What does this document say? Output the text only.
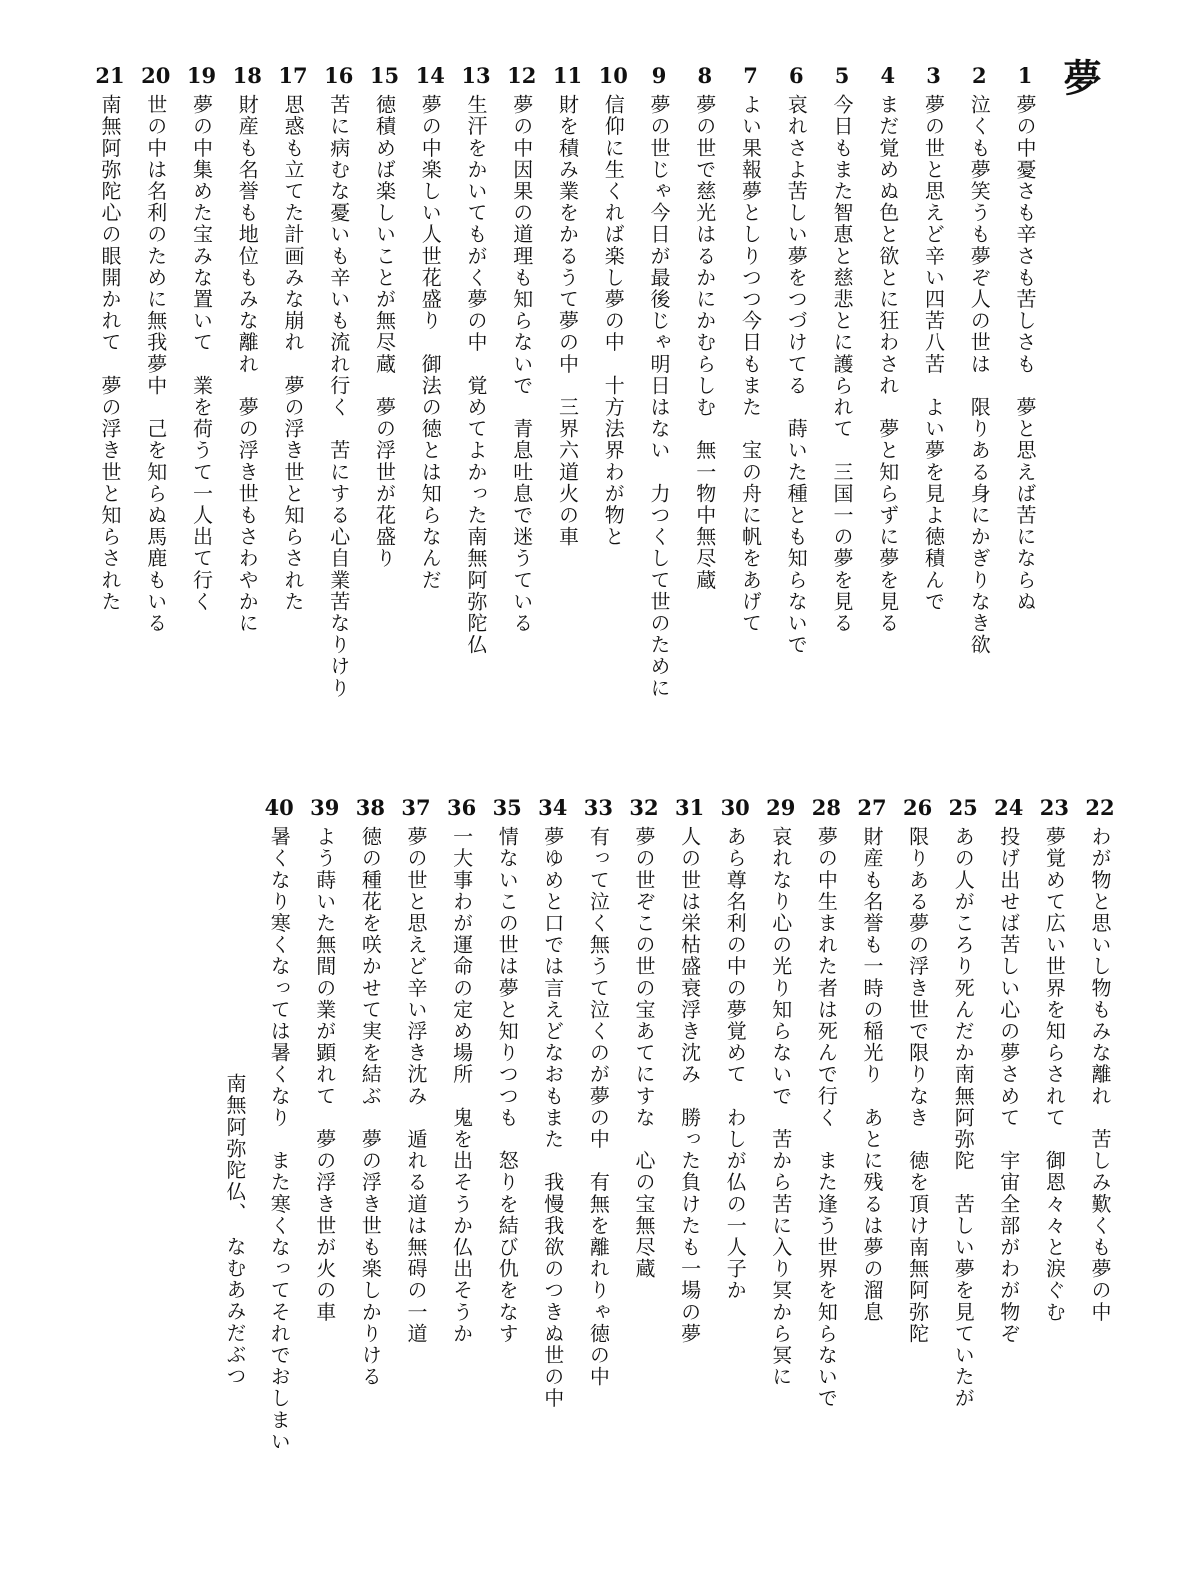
夢
1
夢の中憂さも辛さも苦しさも　夢と思えば苦にならぬ
2
泣くも夢笑うも夢ぞ人の世は　限りある身にかぎりなき欲
3
夢の世と思えど辛い四苦八苦　よい夢を見よ徳積んで
4
まだ覚めぬ色と欲とに狂わされ　夢と知らずに夢を見る
5
今日もまた智恵と慈悲とに護られて　三国一の夢を見る
6
哀れさよ苦しい夢をつづけてる　蒔いた種とも知らないで
7
よい果報夢としりつつ今日もまた　宝の舟に帆をあげて
8
夢の世で慈光はるかにかむらしむ　無一物中無尽蔵
9
夢の世じゃ今日が最後じゃ明日はない　力つくして世のために
10
信仰に生くれば楽し夢の中　十方法界わが物と
11
財を積み業をかるうて夢の中　三界六道火の車
12
夢の中因果の道理も知らないで　青息吐息で迷うている
13
生汗をかいてもがく夢の中　覚めてよかった南無阿弥陀仏
14
夢の中楽しい人世花盛り　御法の徳とは知らなんだ
15
徳積めば楽しいことが無尽蔵　夢の浮世が花盛り
16
苦に病むな憂いも辛いも流れ行く　苦にする心自業苦なりけり
17
思惑も立てた計画みな崩れ　夢の浮き世と知らされた
18
財産も名誉も地位もみな離れ　夢の浮き世もさわやかに
19
夢の中集めた宝みな置いて　業を荷うて一人出て行く
20
世の中は名利のために無我夢中　己を知らぬ馬鹿もいる
21
南無阿弥陀心の眼開かれて　夢の浮き世と知らされた
22
わが物と思いし物もみな離れ　苦しみ歎くも夢の中
23
夢覚めて広い世界を知らされて　御恩々々と涙ぐむ
24
投げ出せば苦しい心の夢さめて　宇宙全部がわが物ぞ
25
あの人がころり死んだか南無阿弥陀　苦しい夢を見ていたが
26
限りある夢の浮き世で限りなき　徳を頂け南無阿弥陀
27
財産も名誉も一時の稲光り　あとに残るは夢の溜息
28
夢の中生まれた者は死んで行く　また逢う世界を知らないで
29
哀れなり心の光り知らないで　苦から苦に入り冥から冥に
30
あら尊名利の中の夢覚めて　わしが仏の一人子か
31
人の世は栄枯盛衰浮き沈み　勝った負けたも一場の夢
32
夢の世ぞこの世の宝あてにすな　心の宝無尽蔵
33
有って泣く無うて泣くのが夢の中　有無を離れりゃ徳の中
34
夢ゆめと口では言えどなおもまた　我慢我欲のつきぬ世の中
35
情ないこの世は夢と知りつつも　怒りを結び仇をなす
36
一大事わが運命の定め場所　鬼を出そうか仏出そうか
37
夢の世と思えど辛い浮き沈み　遁れる道は無碍の一道
38
徳の種花を咲かせて実を結ぶ　夢の浮き世も楽しかりける
39
よう蒔いた無間の業が顕れて　夢の浮き世が火の車
40
暑くなり寒くなっては暑くなり　また寒くなってそれでおしまい
南無阿弥陀仏、　なむあみだぶつ
